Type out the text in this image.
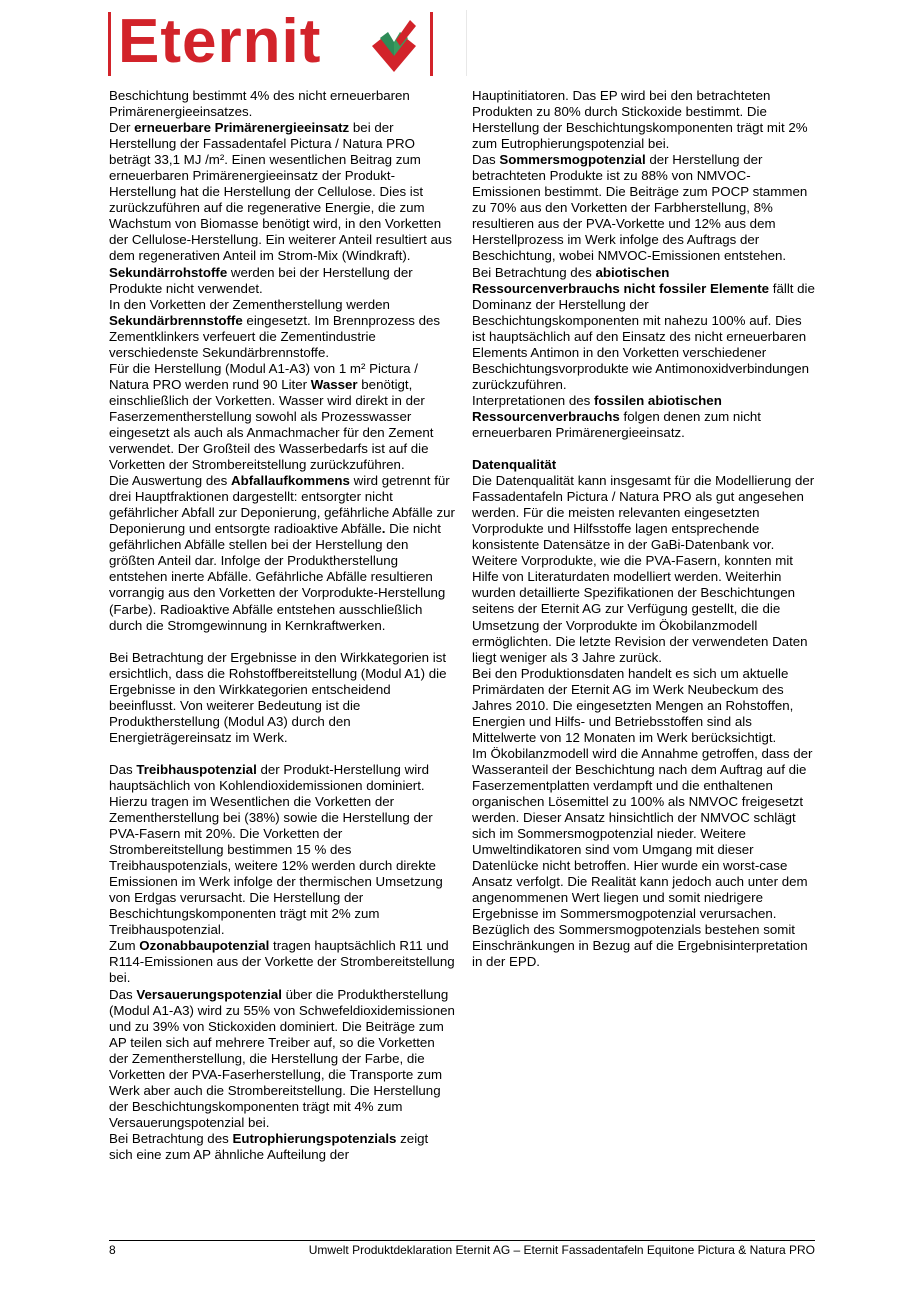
Eternit

Beschichtung bestimmt 4% des nicht erneuerbaren Primärenergieeinsatzes.

Der erneuerbare Primärenergieeinsatz bei der Herstellung der Fassadentafel Pictura / Natura PRO beträgt 33,1 MJ /m². Einen wesentlichen Beitrag zum erneuerbaren Primärenergieeinsatz der Produkt-Herstellung hat die Herstellung der Cellulose. Dies ist zurückzuführen auf die regenerative Energie, die zum Wachstum von Biomasse benötigt wird, in den Vorketten der Cellulose-Herstellung. Ein weiterer Anteil resultiert aus dem regenerativen Anteil im Strom-Mix (Windkraft).

Sekundärrohstoffe werden bei der Herstellung der Produkte nicht verwendet.

In den Vorketten der Zementherstellung werden Sekundärbrennstoffe eingesetzt. Im Brennprozess des Zementklinkers verfeuert die Zementindustrie verschiedenste Sekundärbrennstoffe.

Für die Herstellung (Modul A1-A3) von 1 m² Pictura / Natura PRO werden rund 90 Liter Wasser benötigt, einschließlich der Vorketten. Wasser wird direkt in der Faserzementherstellung sowohl als Prozesswasser eingesetzt als auch als Anmachmacher für den Zement verwendet. Der Großteil des Wasserbedarfs ist auf die Vorketten der Strombereitstellung zurückzuführen.

Die Auswertung des Abfallaufkommens wird getrennt für drei Hauptfraktionen dargestellt: entsorgter nicht gefährlicher Abfall zur Deponierung, gefährliche Abfälle zur Deponierung und entsorgte radioaktive Abfälle. Die nicht gefährlichen Abfälle stellen bei der Herstellung den größten Anteil dar. Infolge der Produktherstellung entstehen inerte Abfälle. Gefährliche Abfälle resultieren vorrangig aus den Vorketten der Vorprodukte-Herstellung (Farbe). Radioaktive Abfälle entstehen ausschließlich durch die Stromgewinnung in Kernkraftwerken.

Bei Betrachtung der Ergebnisse in den Wirkkategorien ist ersichtlich, dass die Rohstoffbereitstellung (Modul A1) die Ergebnisse in den Wirkkategorien entscheidend beeinflusst. Von weiterer Bedeutung ist die Produktherstellung (Modul A3) durch den Energieträgereinsatz im Werk.

Das Treibhauspotenzial der Produkt-Herstellung wird hauptsächlich von Kohlendioxidemissionen dominiert. Hierzu tragen im Wesentlichen die Vorketten der Zementherstellung bei (38%) sowie die Herstellung der PVA-Fasern mit 20%. Die Vorketten der Strombereitstellung bestimmen 15 % des Treibhauspotenzials, weitere 12% werden durch direkte Emissionen im Werk infolge der thermischen Umsetzung von Erdgas verursacht. Die Herstellung der Beschichtungskomponenten trägt mit 2% zum Treibhauspotenzial.

Zum Ozonabbaupotenzial tragen hauptsächlich R11 und R114-Emissionen aus der Vorkette der Strombereitstellung bei.

Das Versauerungspotenzial über die Produktherstellung (Modul A1-A3) wird zu 55% von Schwefeldioxidemissionen und zu 39% von Stickoxiden dominiert. Die Beiträge zum AP teilen sich auf mehrere Treiber auf, so die Vorketten der Zementherstellung, die Herstellung der Farbe, die Vorketten der PVA-Faserherstellung, die Transporte zum Werk aber auch die Strombereitstellung. Die Herstellung der Beschichtungskomponenten trägt mit 4% zum Versauerungspotenzial bei.

Bei Betrachtung des Eutrophierungspotenzials zeigt sich eine zum AP ähnliche Aufteilung der

Hauptinitiatoren. Das EP wird bei den betrachteten Produkten zu 80% durch Stickoxide bestimmt. Die Herstellung der Beschichtungskomponenten trägt mit 2% zum Eutrophierungspotenzial bei.

Das Sommersmogpotenzial der Herstellung der betrachteten Produkte ist zu 88% von NMVOC-Emissionen bestimmt. Die Beiträge zum POCP stammen zu 70% aus den Vorketten der Farbherstellung, 8% resultieren aus der PVA-Vorkette und 12% aus dem Herstellprozess im Werk infolge des Auftrags der Beschichtung, wobei NMVOC-Emissionen entstehen.

Bei Betrachtung des abiotischen Ressourcenverbrauchs nicht fossiler Elemente fällt die Dominanz der Herstellung der Beschichtungskomponenten mit nahezu 100% auf. Dies ist hauptsächlich auf den Einsatz des nicht erneuerbaren Elements Antimon in den Vorketten verschiedener Beschichtungsvorprodukte wie Antimonoxidverbindungen zurückzuführen.

Interpretationen des fossilen abiotischen Ressourcenverbrauchs folgen denen zum nicht erneuerbaren Primärenergieeinsatz.

Datenqualität

Die Datenqualität kann insgesamt für die Modellierung der Fassadentafeln Pictura / Natura PRO als gut angesehen werden. Für die meisten relevanten eingesetzten Vorprodukte und Hilfsstoffe lagen entsprechende konsistente Datensätze in der GaBi-Datenbank vor. Weitere Vorprodukte, wie die PVA-Fasern, konnten mit Hilfe von Literaturdaten modelliert werden. Weiterhin wurden detaillierte Spezifikationen der Beschichtungen seitens der Eternit AG zur Verfügung gestellt, die die Umsetzung der Vorprodukte im Ökobilanzmodell ermöglichten. Die letzte Revision der verwendeten Daten liegt weniger als 3 Jahre zurück.

Bei den Produktionsdaten handelt es sich um aktuelle Primärdaten der Eternit AG im Werk Neubeckum des Jahres 2010. Die eingesetzten Mengen an Rohstoffen, Energien und Hilfs- und Betriebsstoffen sind als Mittelwerte von 12 Monaten im Werk berücksichtigt.

Im Ökobilanzmodell wird die Annahme getroffen, dass der Wasseranteil der Beschichtung nach dem Auftrag auf die Faserzementplatten verdampft und die enthaltenen organischen Lösemittel zu 100% als NMVOC freigesetzt werden. Dieser Ansatz hinsichtlich der NMVOC schlägt sich im Sommersmogpotenzial nieder. Weitere Umweltindikatoren sind vom Umgang mit dieser Datenlücke nicht betroffen. Hier wurde ein worst-case Ansatz verfolgt. Die Realität kann jedoch auch unter dem angenommenen Wert liegen und somit niedrigere Ergebnisse im Sommersmogpotenzial verursachen. Bezüglich des Sommersmogpotenzials bestehen somit Einschränkungen in Bezug auf die Ergebnisinterpretation in der EPD.

8	Umwelt Produktdeklaration Eternit AG – Eternit Fassadentafeln Equitone Pictura & Natura PRO
